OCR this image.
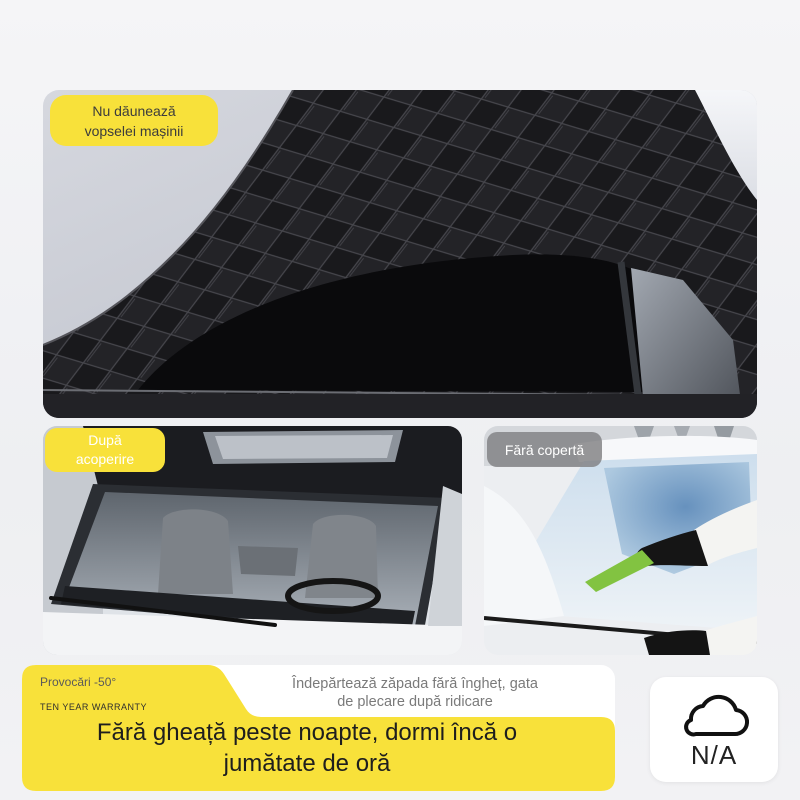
Nu dăunează
vopselei mașinii
După
acoperire
Fără copertă
Provocări -50°
TEN YEAR WARRANTY
Îndepărtează zăpada fără îngheț, gata
de plecare după ridicare
Fără gheață peste noapte, dormi încă o
jumătate de oră	N/A
